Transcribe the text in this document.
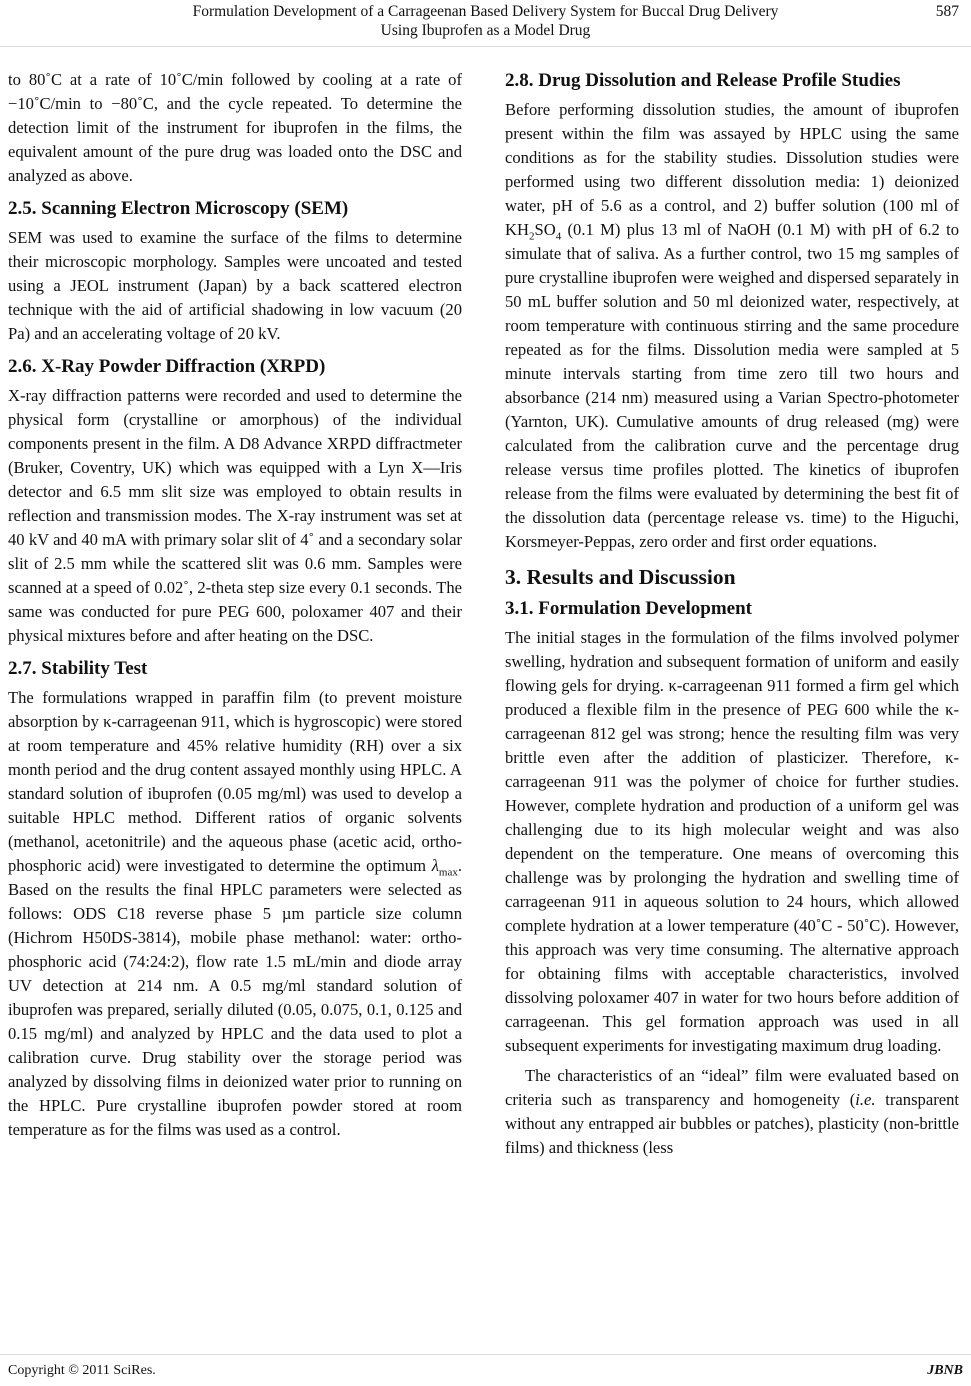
Formulation Development of a Carrageenan Based Delivery System for Buccal Drug Delivery
Using Ibuprofen as a Model Drug
587

to 80˚C at a rate of 10˚C/min followed by cooling at a rate of −10˚C/min to −80˚C, and the cycle repeated. To determine the detection limit of the instrument for ibuprofen in the films, the equivalent amount of the pure drug was loaded onto the DSC and analyzed as above.

2.5. Scanning Electron Microscopy (SEM)

SEM was used to examine the surface of the films to determine their microscopic morphology. Samples were uncoated and tested using a JEOL instrument (Japan) by a back scattered electron technique with the aid of artificial shadowing in low vacuum (20 Pa) and an accelerating voltage of 20 kV.

2.6. X-Ray Powder Diffraction (XRPD)

X-ray diffraction patterns were recorded and used to determine the physical form (crystalline or amorphous) of the individual components present in the film. A D8 Advance XRPD diffractmeter (Bruker, Coventry, UK) which was equipped with a Lyn X—Iris detector and 6.5 mm slit size was employed to obtain results in reflection and transmission modes. The X-ray instrument was set at 40 kV and 40 mA with primary solar slit of 4˚ and a secondary solar slit of 2.5 mm while the scattered slit was 0.6 mm. Samples were scanned at a speed of 0.02˚, 2-theta step size every 0.1 seconds. The same was conducted for pure PEG 600, poloxamer 407 and their physical mixtures before and after heating on the DSC.

2.7. Stability Test

The formulations wrapped in paraffin film (to prevent moisture absorption by κ-carrageenan 911, which is hygroscopic) were stored at room temperature and 45% relative humidity (RH) over a six month period and the drug content assayed monthly using HPLC. A standard solution of ibuprofen (0.05 mg/ml) was used to develop a suitable HPLC method. Different ratios of organic solvents (methanol, acetonitrile) and the aqueous phase (acetic acid, ortho-phosphoric acid) were investigated to determine the optimum $\lambda_{max}$. Based on the results the final HPLC parameters were selected as follows: ODS C18 reverse phase 5 µm particle size column (Hichrom H50DS-3814), mobile phase methanol: water: ortho-phosphoric acid (74:24:2), flow rate 1.5 mL/min and diode array UV detection at 214 nm. A 0.5 mg/ml standard solution of ibuprofen was prepared, serially diluted (0.05, 0.075, 0.1, 0.125 and 0.15 mg/ml) and analyzed by HPLC and the data used to plot a calibration curve. Drug stability over the storage period was analyzed by dissolving films in deionized water prior to running on the HPLC. Pure crystalline ibuprofen powder stored at room temperature as for the films was used as a control.

2.8. Drug Dissolution and Release Profile Studies

Before performing dissolution studies, the amount of ibuprofen present within the film was assayed by HPLC using the same conditions as for the stability studies. Dissolution studies were performed using two different dissolution media: 1) deionized water, pH of 5.6 as a control, and 2) buffer solution (100 ml of $KH_2SO_4$ (0.1 M) plus 13 ml of NaOH (0.1 M) with pH of 6.2 to simulate that of saliva. As a further control, two 15 mg samples of pure crystalline ibuprofen were weighed and dispersed separately in 50 mL buffer solution and 50 ml deionized water, respectively, at room temperature with continuous stirring and the same procedure repeated as for the films. Dissolution media were sampled at 5 minute intervals starting from time zero till two hours and absorbance (214 nm) measured using a Varian Spectro-photometer (Yarnton, UK). Cumulative amounts of drug released (mg) were calculated from the calibration curve and the percentage drug release versus time profiles plotted. The kinetics of ibuprofen release from the films were evaluated by determining the best fit of the dissolution data (percentage release vs. time) to the Higuchi, Korsmeyer-Peppas, zero order and first order equations.

3. Results and Discussion
3.1. Formulation Development

The initial stages in the formulation of the films involved polymer swelling, hydration and subsequent formation of uniform and easily flowing gels for drying. κ-carrageenan 911 formed a firm gel which produced a flexible film in the presence of PEG 600 while the κ-carrageenan 812 gel was strong; hence the resulting film was very brittle even after the addition of plasticizer. Therefore, κ-carrageenan 911 was the polymer of choice for further studies. However, complete hydration and production of a uniform gel was challenging due to its high molecular weight and was also dependent on the temperature. One means of overcoming this challenge was by prolonging the hydration and swelling time of carrageenan 911 in aqueous solution to 24 hours, which allowed complete hydration at a lower temperature (40˚C - 50˚C). However, this approach was very time consuming. The alternative approach for obtaining films with acceptable characteristics, involved dissolving poloxamer 407 in water for two hours before addition of carrageenan. This gel formation approach was used in all subsequent experiments for investigating maximum drug loading.

The characteristics of an “ideal” film were evaluated based on criteria such as transparency and homogeneity (i.e. transparent without any entrapped air bubbles or patches), plasticity (non-brittle films) and thickness (less

Copyright © 2011 SciRes.	JBNB
